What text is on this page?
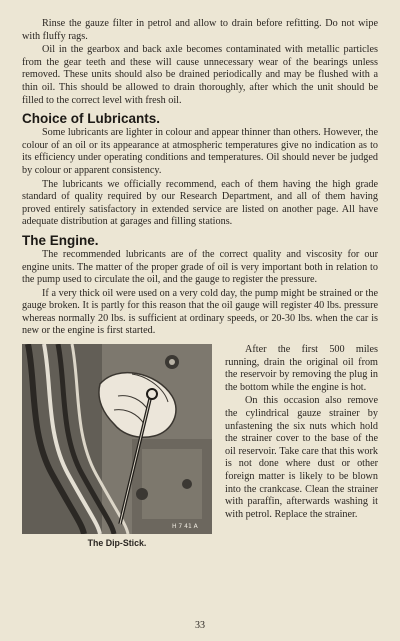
Rinse the gauze filter in petrol and allow to drain before refitting. Do not wipe with fluffy rags.

Oil in the gearbox and back axle becomes contaminated with metallic particles from the gear teeth and these will cause unnecessary wear of the bearings unless removed. These units should also be drained periodically and may be flushed with a thin oil. This should be allowed to drain thoroughly, after which the unit should be filled to the correct level with fresh oil.

Choice of Lubricants.

Some lubricants are lighter in colour and appear thinner than others. However, the colour of an oil or its appearance at atmospheric temperatures give no indication as to its efficiency under operating conditions and temperatures. Oil should never be judged by colour or apparent consistency.

The lubricants we officially recommend, each of them having the high grade standard of quality required by our Research Department, and all of them having proved entirely satisfactory in extended service are listed on another page. All have adequate distribution at garages and filling stations.

The Engine.

The recommended lubricants are of the correct quality and viscosity for our engine units. The matter of the proper grade of oil is very important both in relation to the pump used to circulate the oil, and the gauge to register the pressure.

If a very thick oil were used on a very cold day, the pump might be strained or the gauge broken. It is partly for this reason that the oil gauge will register 40 lbs. pressure whereas normally 20 lbs. is sufficient at ordinary speeds, or 20-30 lbs. when the car is new or the engine is first started.

H 7 41 A
The Dip-Stick.

After the first 500 miles running, drain the original oil from the reservoir by removing the plug in the bottom while the engine is hot.

On this occasion also remove the cylindrical gauze strainer by unfastening the six nuts which hold the strainer cover to the base of the oil reservoir. Take care that this work is not done where dust or other foreign matter is likely to be blown into the crankcase. Clean the strainer with paraffin, afterwards washing it with petrol. Replace the strainer.

33
